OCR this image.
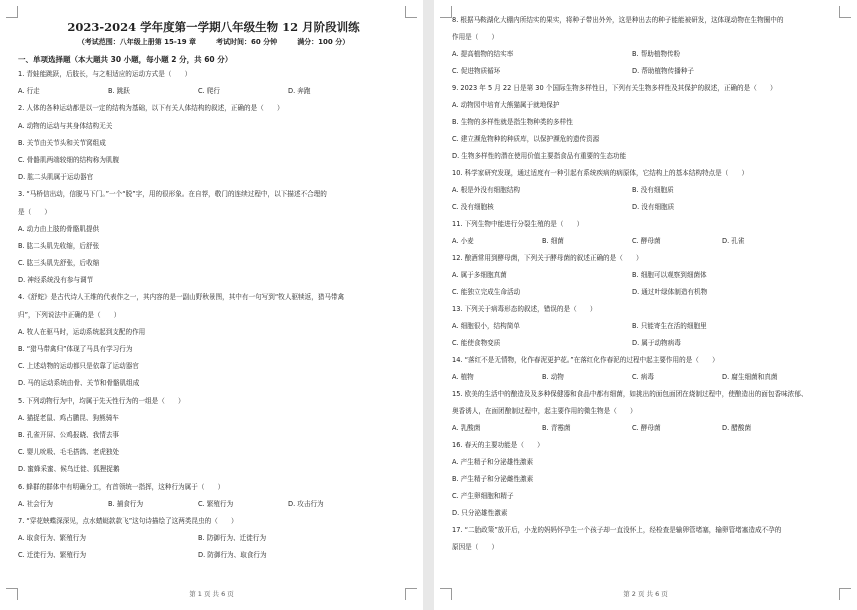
2023-2024 学年度第一学期八年级生物 12 月阶段训练
（考试范围：八年级上册第 15-19 章	考试时间：60 分钟	满分：100 分）
一、单项选择题（本大题共 30 小题，每小题 2 分，共 60 分）
1. 青蛙能跳跃，后肢长，与之相适应的运动方式是（　　）
A. 行走	B. 跳跃	C. 爬行	D. 奔跑
2. 人体的各种运动都是以一定的结构为基础，以下有关人体结构的叙述，正确的是（　　）
A. 动物的运动与其身体结构无关
B. 关节由关节头和关节窝组成
C. 骨骼肌两端较细的结构称为肌腹
D. 肱二头肌属于运动器官
3. “马桥信出动，信脱马下门。”一个“脱”字，用的很形象。在自荐，敬门的连续过程中，以下描述不合理的
是（　　）
A. 动力由上肢的骨骼肌提供
B. 肱二头肌先收缩，后舒张
C. 肱三头肌先舒张，后收缩
D. 神经系统没有参与调节
4.《舒蛇》是古代诗人王维的代表作之一，其内容的是一副山野秋景图，其中有一句写到“牧人驱犊返，猎马带禽
归”，下列说法中正确的是（　　）
A. 牧人在驱马时，运动系统起到支配的作用
B. “猎马带禽归”体现了马具有学习行为
C. 上述动物的运动都只是依靠了运动器官
D. 马的运动系统由骨、关节和骨骼肌组成
5. 下列动物行为中，均属于先天性行为的一组是（　　）
A. 猫捉老鼠、鸡占鹏昆、狗熊骑车
B. 孔雀开屏、公鸡报晓、我情去事
C. 婴儿吮吸、毛毛搭鸽、老虎独处
D. 蜜蜂采蜜、候鸟迁徙、狐狸捉鹅
6. 蜂群的群体中有明确分工，有首领统一指挥，这种行为属于（　　）
A. 社会行为	B. 捕食行为	C. 繁殖行为	D. 攻击行为
7. “穿花蛱蝶深深见，点水蜻蜓款款飞”这句诗描绘了这两类昆虫的（　　）
A. 取食行为、繁殖行为	B. 防御行为、迁徙行为
C. 迁徙行为、繁殖行为	D. 防御行为、取食行为
第 1 页 共 6 页
8. 根据马鞍湖化大棚内所结实的果实，将种子带出外外，这是种出去的种子能能被研发，这体现动物在生物圈中的
作用是（　　）
A. 提高植物的结实率	B. 帮助植物传粉
C. 促进物质循环	D. 帮助植物传播种子
9. 2023 年 5 月 22 日是第 30 个国际生物多样性日，下列有关生物多样性及其保护的叙述，正确的是（　　）
A. 动物园中培育大熊猫属于就地保护
B. 生物的多样性就是指生物种类的多样性
C. 建立濒危物种的种质库，以保护濒危的遗传资源
D. 生物多样性的潜在使用价值主要指食品有重要的生态功能
10. 科学家研究发现，通过适度有一种引起有系统疾病的病原体，它结构上的基本结构特点是（　　）
A. 根是外没有细胞结构	B. 没有细胞质
C. 没有细胞核	D. 没有细胞质
11. 下列生物中能进行分裂生殖的是（　　）
A. 小麦	B. 细菌	C. 酵母菌	D. 孔雀
12. 酿酒常用到酵母菌，下列关于酵母菌的叙述正确的是（　　）
A. 属于多细胞真菌	B. 细胞可以观察到细菌体
C. 能独立完成生命活动	D. 通过叶绿体制造有机物
13. 下列关于病毒形态的叙述，错误的是（　　）
A. 细胞很小，结构简单	B. 只能寄生在活的细胞里
C. 能使食物变质	D. 属于动物病毒
14. “落红不是无情物，化作春泥更护花。”在落红化作春泥的过程中起主要作用的是（　　）
A. 植物	B. 动物	C. 病毒	D. 腐生细菌和真菌
15. 欧美的生活中的酿造及及多种保健器和食品中都有细菌，如挑出的面包面团在烧制过程中，使酿造出的面包香味浓郁、
奥香诱人，在面团酿制过程中，起主要作用的微生物是（　　）
A. 乳酸菌	B. 青霉菌	C. 酵母菌	D. 醋酸菌
16. 春天的主要功能是（　　）
A. 产生精子和分泌雄性激素
B. 产生精子和分泌雌性激素
C. 产生卵细胞和精子
D. 只分泌雄性激素
17. “二胎政策”放开后，小龙的妈妈怀孕生一个孩子却一直没怀上，经检查是输卵管堵塞，输卵管堵塞造成不孕的
原因是（　　）
第 2 页 共 6 页
